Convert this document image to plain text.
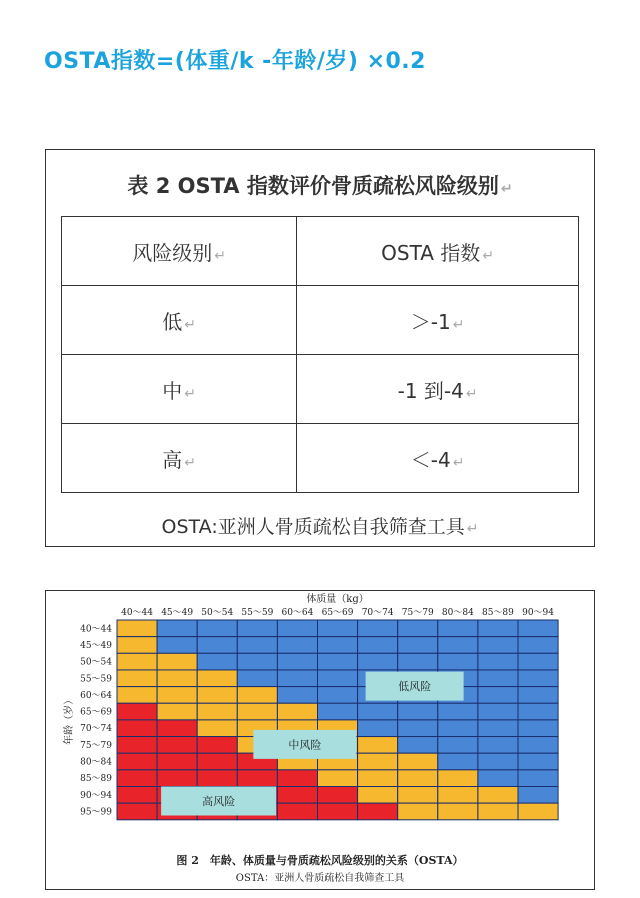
OSTA指数=(体重/k -年龄/岁) ×0.2
表 2 OSTA 指数评价骨质疏松风险级别 ↵
风险级别 ↵	OSTA 指数 ↵
低 ↵	＞-1 ↵
中 ↵	-1 到-4 ↵
高 ↵	＜-4 ↵
OSTA:亚洲人骨质疏松自我筛查工具 ↵
体质量（kg）
40～44 45～49 50～54 55～59 60～64 65～69 70～74 75～79 80～84 85～89 90～94
40～44
45～49
50～54
55～59
60～64
65～69
70～74
75～79
80～84
85～89
90～94
95～99
年龄（岁）
低风险
中风险
高风险
图 2　年龄、体质量与骨质疏松风险级别的关系（OSTA）
OSTA：亚洲人骨质疏松自我筛查工具
